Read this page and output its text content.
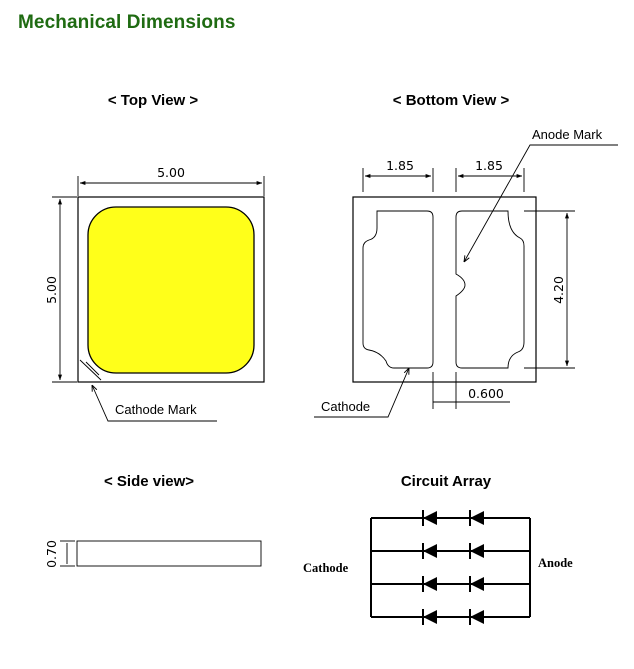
Mechanical Dimensions
< Top View >
5.00
5.00
Cathode Mark
< Bottom View >
1.85	1.85
4.20
0.600
Anode Mark
Cathode
< Side view>
0.70
Circuit Array
Cathode	Anode
